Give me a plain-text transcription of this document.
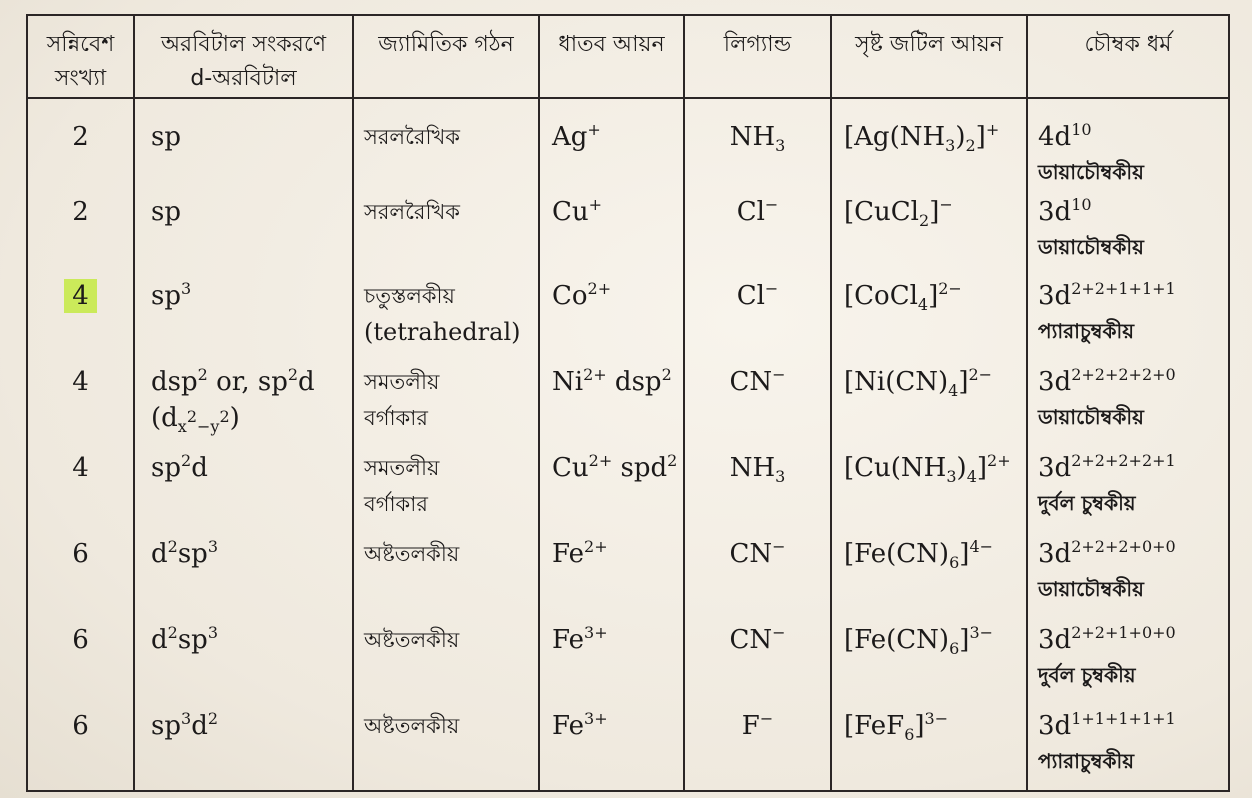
সন্নিবেশ
সংখ্যা	অরবিটাল সংকরণে
d-অরবিটাল	জ্যামিতিক গঠন	ধাতব আয়ন	লিগ্যান্ড	সৃষ্ট জটিল আয়ন	চৌম্বক ধর্ম
2	sp	সরলরৈখিক	Ag+	$NH_3$	$[Ag(NH_3)_2]^+$	$4d^{10}$
ডায়াচৌম্বকীয়

2	sp	সরলরৈখিক	Cu+	Cl−	[CuCl$_2$]−	$3d^{10}$
ডায়াচৌম্বকীয়

4	$sp^3$	চতুস্তলকীয়
(tetrahedral)	$Co^{2+}$	Cl−	[CoCl$_4$]$^{2-}$	$3d^{2+2+1+1+1}$
প্যারাচুম্বকীয়

4	dsp$^2$ or, $sp^2d$
$(d_{x^2-y^2})$	সমতলীয়
বর্গাকার	$Ni^{2+}$ dsp$^2$	CN−	$[Ni(CN)_4]^{2-}$	$3d^{2+2+2+2+0}$
ডায়াচৌম্বকীয়

4	$sp^2d$	সমতলীয়
বর্গাকার	$Cu^{2+}$ spd$^2$	$NH_3$	$[Cu(NH_3)_4]^{2+}$	$3d^{2+2+2+2+1}$
দুর্বল চুম্বকীয়

6	$d^2sp^3$	অষ্টতলকীয়	$Fe^{2+}$	CN−	$[Fe(CN)_6]^{4-}$	$3d^{2+2+2+0+0}$
ডায়াচৌম্বকীয়

6	$d^2sp^3$	অষ্টতলকীয়	$Fe^{3+}$	CN−	$[Fe(CN)_6]^{3-}$	$3d^{2+2+1+0+0}$
দুর্বল চুম্বকীয়

6	$sp^3d^2$	অষ্টতলকীয়	$Fe^{3+}$	F−	$[FeF_6]^{3-}$	$3d^{1+1+1+1+1}$
প্যারাচুম্বকীয়
